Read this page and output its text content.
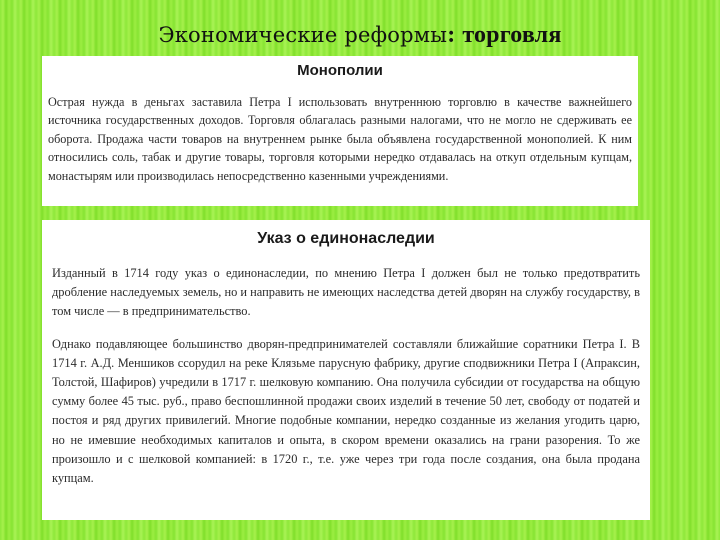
Экономические реформы: торговля
Монополии

Острая нужда в деньгах заставила Петра I использовать внутреннюю торговлю в качестве важнейшего источника государственных доходов. Торговля облагалась разными налогами, что не могло не сдерживать ее оборота. Продажа части товаров на внутреннем рынке была объявлена государственной монополией. К ним относились соль, табак и другие товары, торговля которыми нередко отдавалась на откуп отдельным купцам, монастырям или производилась непосредственно казенными учреждениями.

Указ о единонаследии

Изданный в 1714 году указ о единонаследии, по мнению Петра I должен был не только предотвратить дробление наследуемых земель, но и направить не имеющих наследства детей дворян на службу государству, в том числе — в предпринимательство.

Однако подавляющее большинство дворян-предпринимателей составляли ближайшие соратники Петра I. В 1714 г. А.Д. Меншиков ссорудил на реке Клязьме парусную фабрику, другие сподвижники Петра I (Апраксин, Толстой, Шафиров) учредили в 1717 г. шелковую компанию. Она получила субсидии от государства на общую сумму более 45 тыс. руб., право беспошлинной продажи своих изделий в течение 50 лет, свободу от податей и постоя и ряд других привилегий. Многие подобные компании, нередко созданные из желания угодить царю, но не имевшие необходимых капиталов и опыта, в скором времени оказались на грани разорения. То же произошло и с шелковой компанией: в 1720 г., т.е. уже через три года после создания, она была продана купцам.
